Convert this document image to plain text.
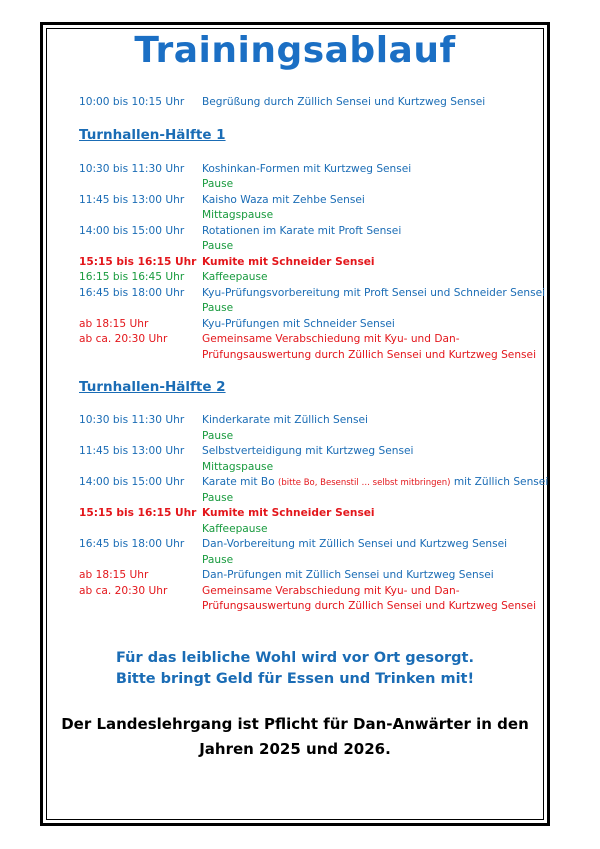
Trainingsablauf
10:00 bis 10:15 Uhr Begrüßung durch Züllich Sensei und Kurtzweg Sensei
Turnhallen-Hälfte 1
10:30 bis 11:30 Uhr Koshinkan-Formen mit Kurtzweg Sensei
Pause
11:45 bis 13:00 Uhr Kaisho Waza mit Zehbe Sensei
Mittagspause
14:00 bis 15:00 Uhr Rotationen im Karate mit Proft Sensei
Pause
15:15 bis 16:15 Uhr Kumite mit Schneider Sensei
16:15 bis 16:45 Uhr Kaffeepause
16:45 bis 18:00 Uhr Kyu-Prüfungsvorbereitung mit Proft Sensei und Schneider Sensei
Pause
ab 18:15 Uhr	Kyu-Prüfungen mit Schneider Sensei
ab ca. 20:30 Uhr	Gemeinsame Verabschiedung mit Kyu- und Dan-
Prüfungsauswertung durch Züllich Sensei und Kurtzweg Sensei
Turnhallen-Hälfte 2
10:30 bis 11:30 Uhr Kinderkarate mit Züllich Sensei
Pause
11:45 bis 13:00 Uhr Selbstverteidigung mit Kurtzweg Sensei
Mittagspause
14:00 bis 15:00 Uhr Karate mit Bo (bitte Bo, Besenstil … selbst mitbringen) mit Züllich Sensei
Pause
15:15 bis 16:15 Uhr Kumite mit Schneider Sensei
Kaffeepause
16:45 bis 18:00 Uhr Dan-Vorbereitung mit Züllich Sensei und Kurtzweg Sensei
Pause
ab 18:15 Uhr	Dan-Prüfungen mit Züllich Sensei und Kurtzweg Sensei
ab ca. 20:30 Uhr	Gemeinsame Verabschiedung mit Kyu- und Dan-
Prüfungsauswertung durch Züllich Sensei und Kurtzweg Sensei
Für das leibliche Wohl wird vor Ort gesorgt.
Bitte bringt Geld für Essen und Trinken mit!
Der Landeslehrgang ist Pflicht für Dan-Anwärter in den
Jahren 2025 und 2026.
